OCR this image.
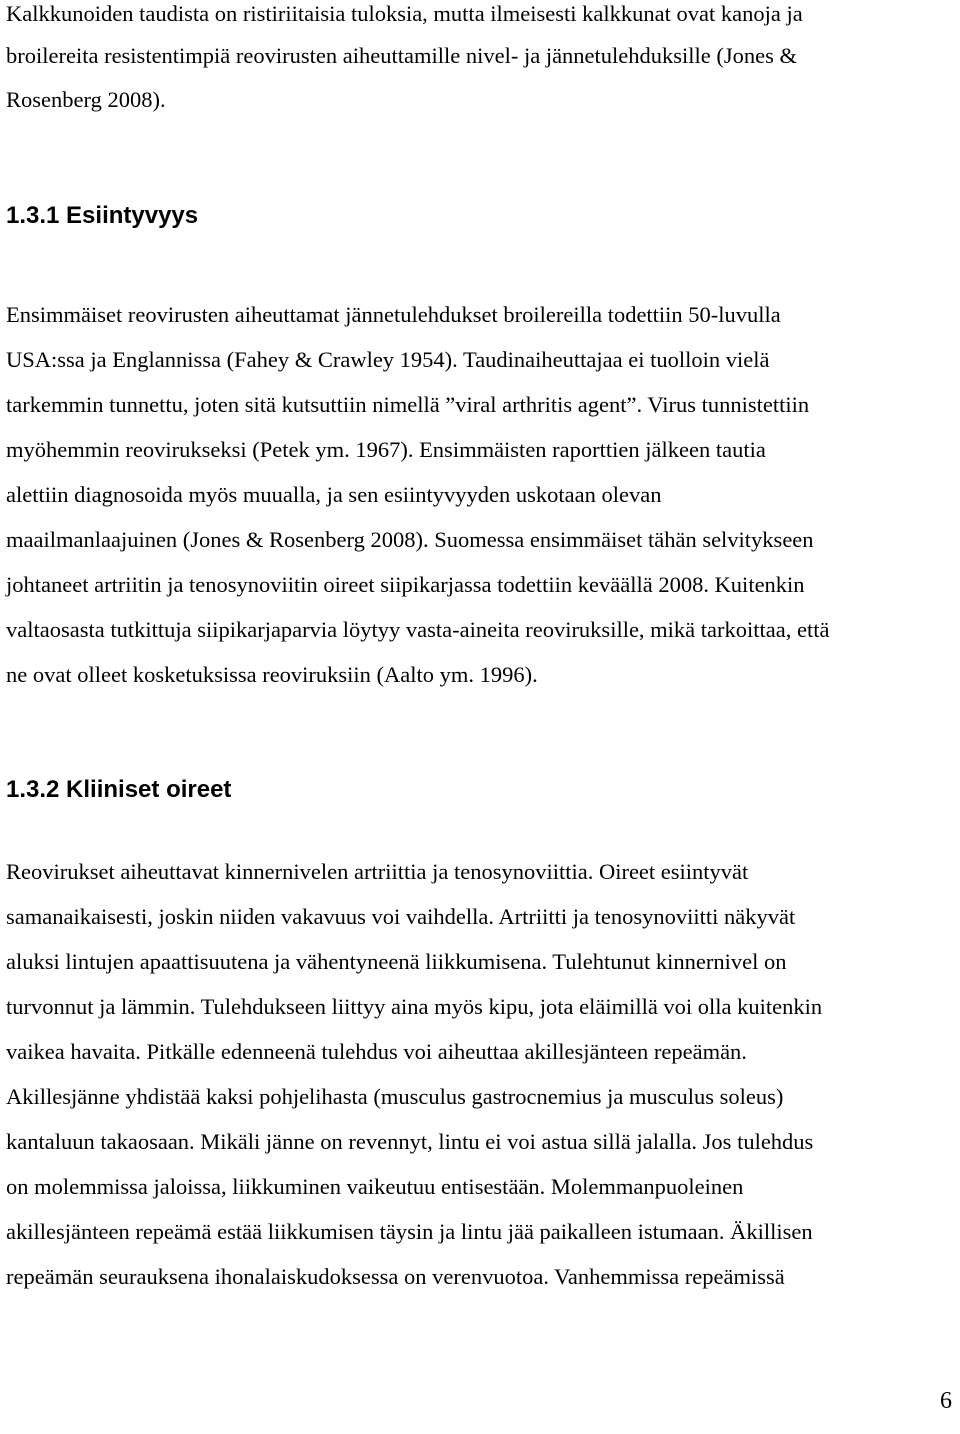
Kalkkunoiden taudista on ristiriitaisia tuloksia, mutta ilmeisesti kalkkunat ovat kanoja ja

broilereita resistentimpiä reovirusten aiheuttamille nivel- ja jännetulehduksille (Jones &

Rosenberg 2008).

1.3.1 Esiintyvyys

Ensimmäiset reovirusten aiheuttamat jännetulehdukset broilereilla todettiin 50-luvulla

USA:ssa ja Englannissa (Fahey & Crawley 1954). Taudinaiheuttajaa ei tuolloin vielä

tarkemmin tunnettu, joten sitä kutsuttiin nimellä ”viral arthritis agent”. Virus tunnistettiin

myöhemmin reovirukseksi (Petek ym. 1967). Ensimmäisten raporttien jälkeen tautia

alettiin diagnosoida myös muualla, ja sen esiintyvyyden uskotaan olevan

maailmanlaajuinen (Jones & Rosenberg 2008). Suomessa ensimmäiset tähän selvitykseen

johtaneet artriitin ja tenosynoviitin oireet siipikarjassa todettiin keväällä 2008. Kuitenkin

valtaosasta tutkittuja siipikarjaparvia löytyy vasta-aineita reoviruksille, mikä tarkoittaa, että

ne ovat olleet kosketuksissa reoviruksiin (Aalto ym. 1996).

1.3.2 Kliiniset oireet

Reovirukset aiheuttavat kinnernivelen artriittia ja tenosynoviittia. Oireet esiintyvät

samanaikaisesti, joskin niiden vakavuus voi vaihdella. Artriitti ja tenosynoviitti näkyvät

aluksi lintujen apaattisuutena ja vähentyneenä liikkumisena. Tulehtunut kinnernivel on

turvonnut ja lämmin. Tulehdukseen liittyy aina myös kipu, jota eläimillä voi olla kuitenkin

vaikea havaita. Pitkälle edenneenä tulehdus voi aiheuttaa akillesjänteen repeämän.

Akillesjänne yhdistää kaksi pohjelihasta (musculus gastrocnemius ja musculus soleus)

kantaluun takaosaan. Mikäli jänne on revennyt, lintu ei voi astua sillä jalalla. Jos tulehdus

on molemmissa jaloissa, liikkuminen vaikeutuu entisestään. Molemmanpuoleinen

akillesjänteen repeämä estää liikkumisen täysin ja lintu jää paikalleen istumaan. Äkillisen

repeämän seurauksena ihonalaiskudoksessa on verenvuotoa. Vanhemmissa repeämissä

6
